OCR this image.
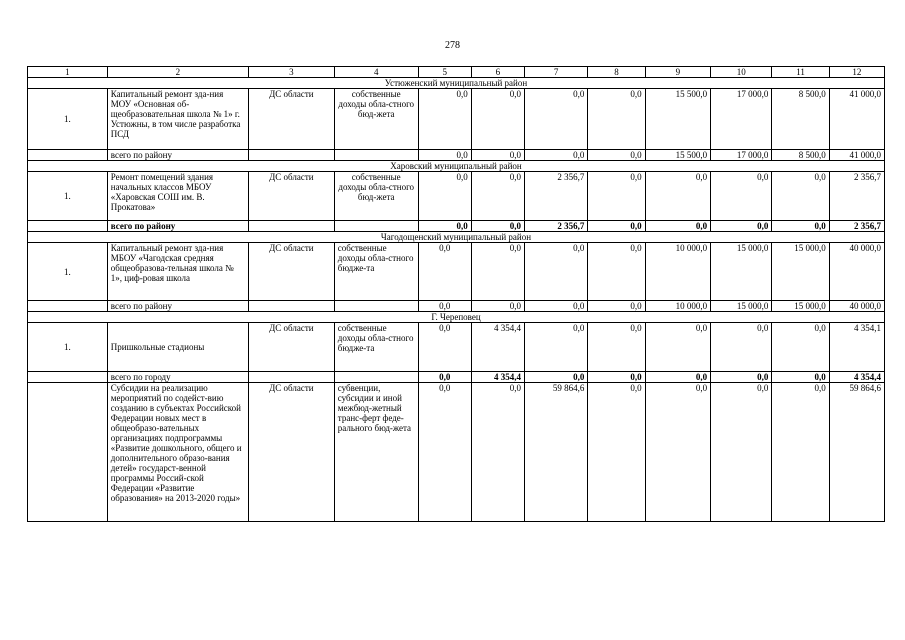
278
1	2	3	4	5	6	7	8	9	10	11	12
Устюженский муниципальный район											
1.	Капитальный ремонт зда-ния МОУ «Основная об-щеобразовательная школа № 1» г. Устюжны, в том числе разработка ПСД	ДС области	собственные доходы обла-стного бюд-жета	0,0	0,0	0,0	0,0	15 500,0	17 000,0	8 500,0	41 000,0
	всего по району			0,0	0,0	0,0	0,0	15 500,0	17 000,0	8 500,0	41 000,0
Харовский муниципальный район											
1.	Ремонт помещений здания начальных классов МБОУ «Харовская СОШ им. В. Прокатова»	ДС области	собственные доходы обла-стного бюд-жета	0,0	0,0	2 356,7	0,0	0,0	0,0	0,0	2 356,7
	всего по району			0,0	0,0	2 356,7	0,0	0,0	0,0	0,0	2 356,7
Чагодощенский муниципальный район											
1.	Капитальный ремонт зда-ния МБОУ «Чагодская средняя общеобразова-тельная школа № 1», циф-ровая школа	ДС области	собственные доходы обла-стного бюдже-та	0,0	0,0	0,0	0,0	10 000,0	15 000,0	15 000,0	40 000,0
	всего по району			0,0	0,0	0,0	0,0	10 000,0	15 000,0	15 000,0	40 000,0
Г. Череповец											
1.	Пришкольные стадионы	ДС области	собственные доходы обла-стного бюдже-та	0,0	4 354,4	0,0	0,0	0,0	0,0	0,0	4 354,1
	всего по городу			0,0	4 354,4	0,0	0,0	0,0	0,0	0,0	4 354,4
	Субсидии на реализацию мероприятий по содейст-вию созданию в субъектах Российской Федерации новых мест в общеобразо-вательных организациях подпрограммы «Развитие дошкольного, общего и дополнительного образо-вания детей» государст-венной программы Россий-ской Федерации «Развитие образования» на 2013-2020 годы»	ДС области	субвенции, субсидии и иной межбюд-жетный транс-ферт феде-рального бюд-жета	0,0	0,0	59 864,6	0,0	0,0	0,0	0,0	59 864,6
